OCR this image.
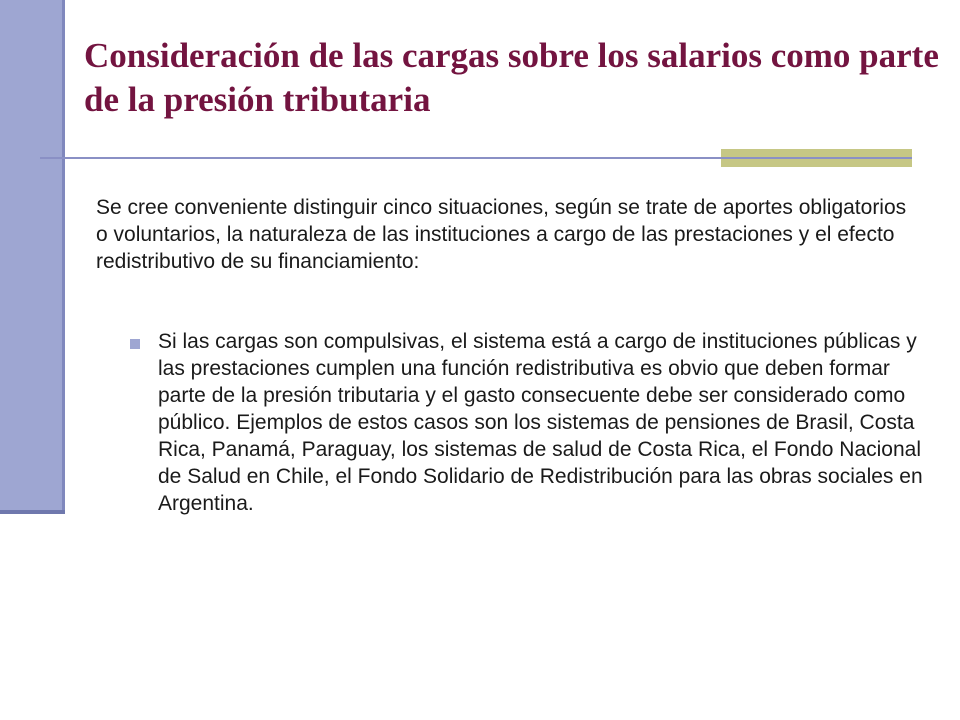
Consideración de las cargas sobre los salarios como parte de la presión tributaria

Se cree conveniente distinguir cinco situaciones, según se trate de aportes obligatorios o voluntarios, la naturaleza de las instituciones a cargo de las prestaciones y el efecto redistributivo de su financiamiento:

Si las cargas son compulsivas, el sistema está a cargo de instituciones públicas y las prestaciones cumplen una función redistributiva es obvio que deben formar parte de la presión tributaria y el gasto consecuente debe ser considerado como público. Ejemplos de estos casos son los sistemas de pensiones de Brasil, Costa Rica, Panamá, Paraguay, los sistemas de salud de Costa Rica, el Fondo Nacional de Salud en Chile, el Fondo Solidario de Redistribución para las obras sociales en Argentina.
